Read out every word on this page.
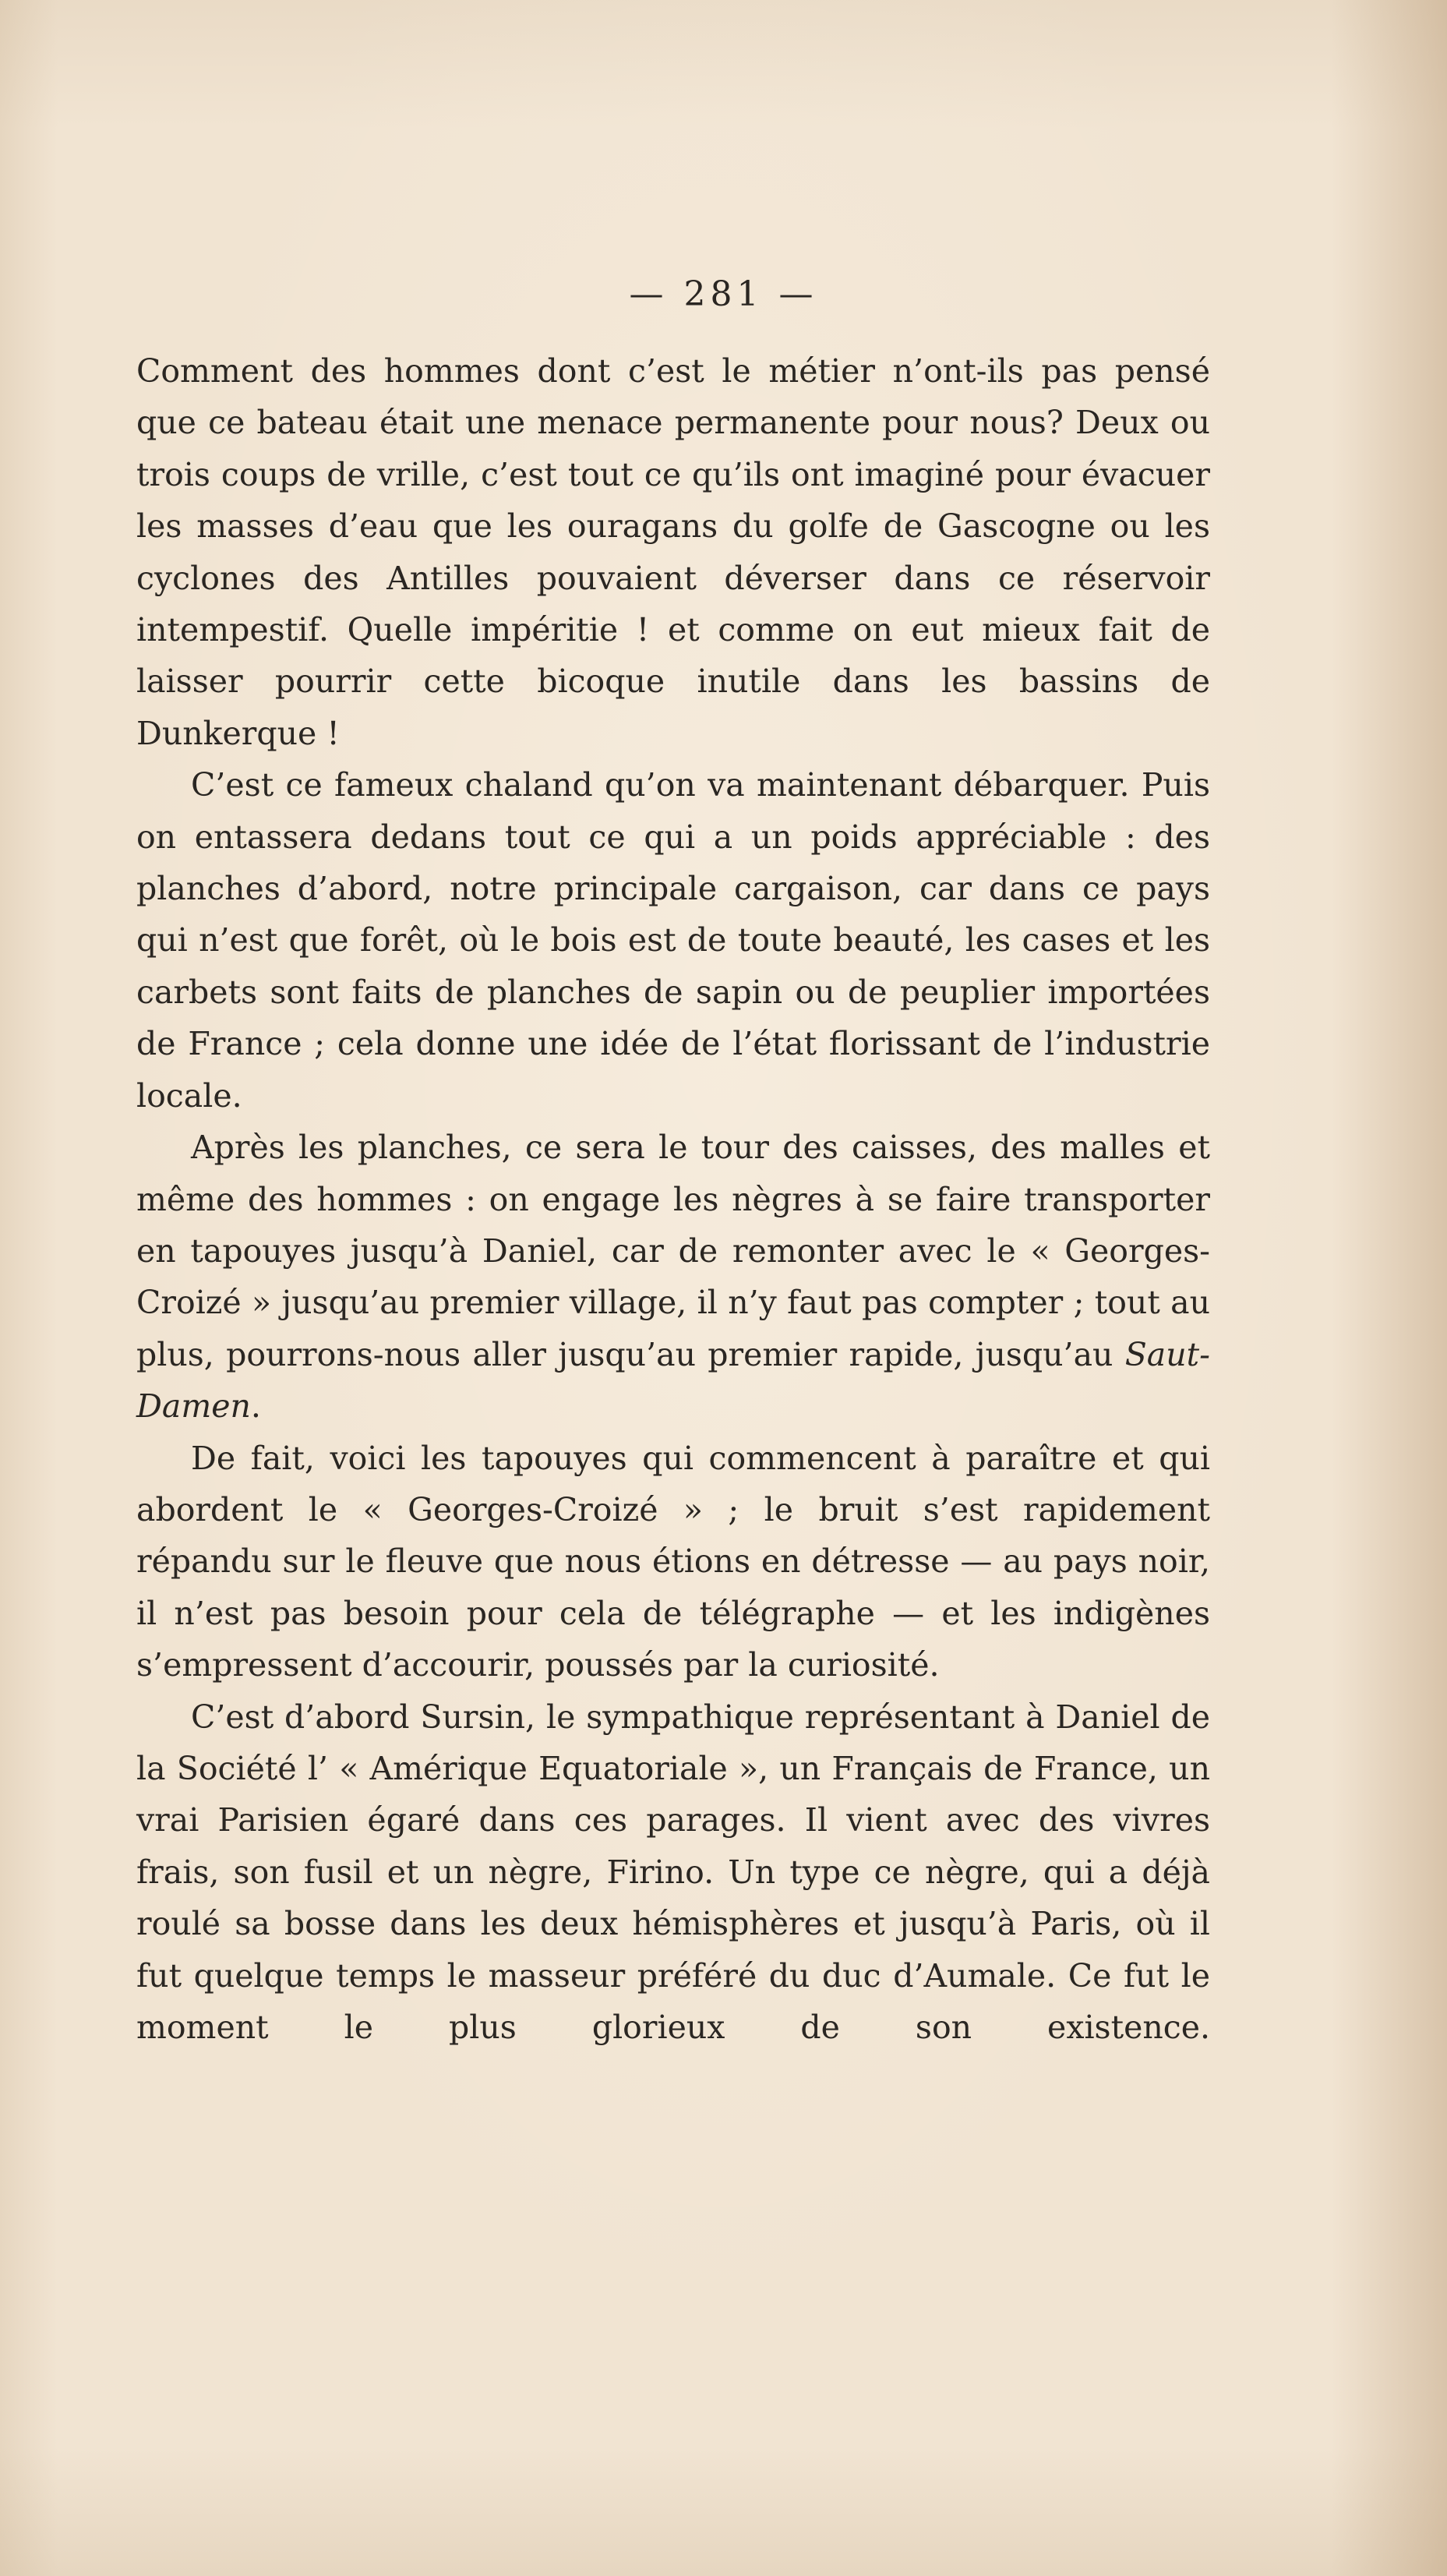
— 281 —

Comment des hommes dont c’est le métier n’ont-ils pas pensé que ce bateau était une menace permanente pour nous? Deux ou trois coups de vrille, c’est tout ce qu’ils ont imaginé pour évacuer les masses d’eau que les ouragans du golfe de Gascogne ou les cyclones des Antilles pouvaient déverser dans ce réservoir intempestif. Quelle impéritie ! et comme on eut mieux fait de laisser pourrir cette bicoque inutile dans les bassins de Dunkerque !

C’est ce fameux chaland qu’on va maintenant débarquer. Puis on entassera dedans tout ce qui a un poids appréciable : des planches d’abord, notre principale cargaison, car dans ce pays qui n’est que forêt, où le bois est de toute beauté, les cases et les carbets sont faits de planches de sapin ou de peuplier importées de France ; cela donne une idée de l’état florissant de l’industrie locale.

Après les planches, ce sera le tour des caisses, des malles et même des hommes : on engage les nègres à se faire transporter en tapouyes jusqu’à Daniel, car de remonter avec le « Georges-Croizé » jusqu’au premier village, il n’y faut pas compter ; tout au plus, pourrons-nous aller jusqu’au premier rapide, jusqu’au Saut-Damen.

De fait, voici les tapouyes qui commencent à paraître et qui abordent le « Georges-Croizé » ; le bruit s’est rapidement répandu sur le fleuve que nous étions en détresse — au pays noir, il n’est pas besoin pour cela de télégraphe — et les indigènes s’empressent d’accourir, poussés par la curiosité.

C’est d’abord Sursin, le sympathique représentant à Daniel de la Société l’ « Amérique Equatoriale », un Français de France, un vrai Parisien égaré dans ces parages. Il vient avec des vivres frais, son fusil et un nègre, Firino. Un type ce nègre, qui a déjà roulé sa bosse dans les deux hémisphères et jusqu’à Paris, où il fut quelque temps le masseur préféré du duc d’Aumale. Ce fut le moment le plus glorieux de son existence.
